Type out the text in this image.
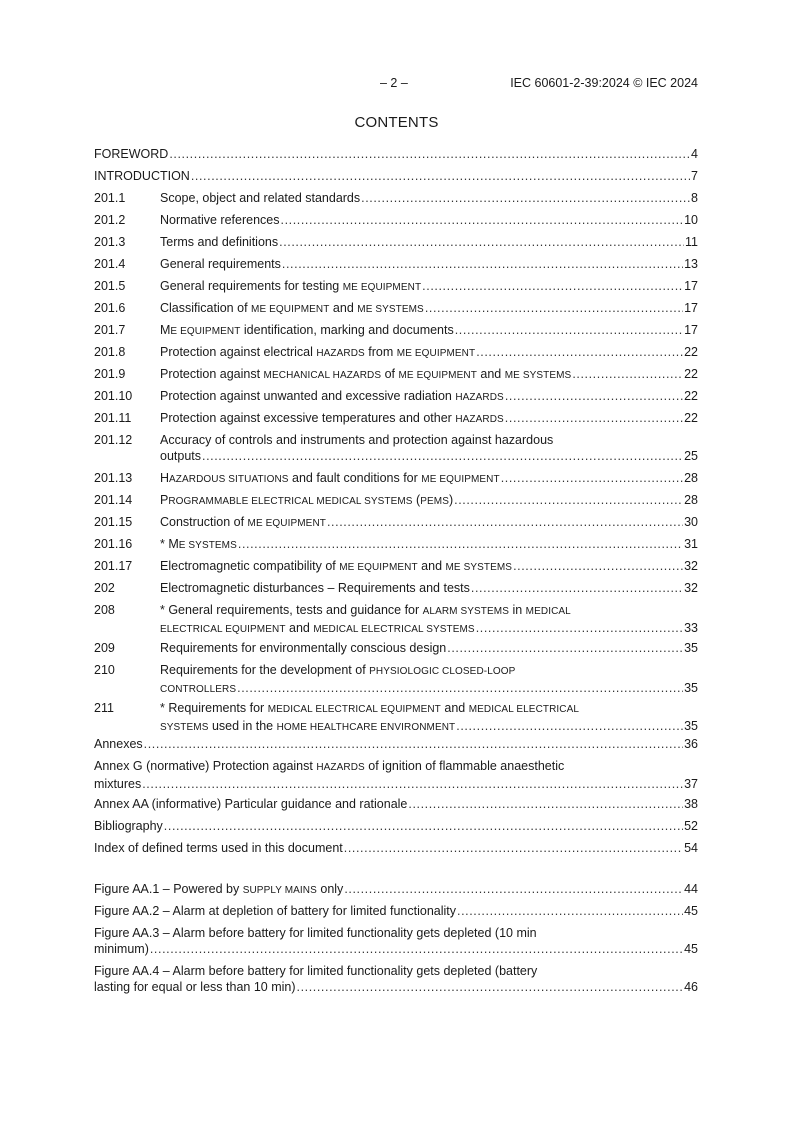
– 2 –	IEC 60601-2-39:2024 © IEC 2024
CONTENTS
FOREWORD .....	4
INTRODUCTION .....	7
201.1	Scope, object and related standards .....	8
201.2	Normative references .....	10
201.3	Terms and definitions .....	11
201.4	General requirements .....	13
201.5	General requirements for testing ME EQUIPMENT .....	17
201.6	Classification of ME EQUIPMENT and ME SYSTEMS .....	17
201.7	ME EQUIPMENT identification, marking and documents .....	17
201.8	Protection against electrical HAZARDS from ME EQUIPMENT .....	22
201.9	Protection against MECHANICAL HAZARDS of ME EQUIPMENT and ME SYSTEMS .....	22
201.10 Protection against unwanted and excessive radiation HAZARDS .....	22
201.11 Protection against excessive temperatures and other HAZARDS .....	22
201.12 Accuracy of controls and instruments and protection against hazardous
outputs .....	25
201.13 HAZARDOUS SITUATIONS and fault conditions for ME EQUIPMENT .....	28
201.14 PROGRAMMABLE ELECTRICAL MEDICAL SYSTEMS (PEMS) .....	28
201.15 Construction of ME EQUIPMENT .....	30
201.16 * ME SYSTEMS .....	31
201.17 Electromagnetic compatibility of ME EQUIPMENT and ME SYSTEMS .....	32
202	Electromagnetic disturbances – Requirements and tests .....	32
208	* General requirements, tests and guidance for ALARM SYSTEMS in MEDICAL
ELECTRICAL EQUIPMENT and MEDICAL ELECTRICAL SYSTEMS .....	33
209	Requirements for environmentally conscious design .....	35
210	Requirements for the development of PHYSIOLOGIC CLOSED-LOOP
CONTROLLERS .....	35
211	* Requirements for MEDICAL ELECTRICAL EQUIPMENT and MEDICAL ELECTRICAL
SYSTEMS used in the HOME HEALTHCARE ENVIRONMENT .....	35
Annexes .....	36
Annex G (normative) Protection against HAZARDS of ignition of flammable anaesthetic
mixtures .....	37
Annex AA (informative) Particular guidance and rationale .....	38
Bibliography .....	52
Index of defined terms used in this document .....	54
Figure AA.1 – Powered by SUPPLY MAINS only .....	44
Figure AA.2 – Alarm at depletion of battery for limited functionality .....	45
Figure AA.3 – Alarm before battery for limited functionality gets depleted (10 min
minimum) .....	45
Figure AA.4 – Alarm before battery for limited functionality gets depleted (battery
lasting for equal or less than 10 min) .....	46
